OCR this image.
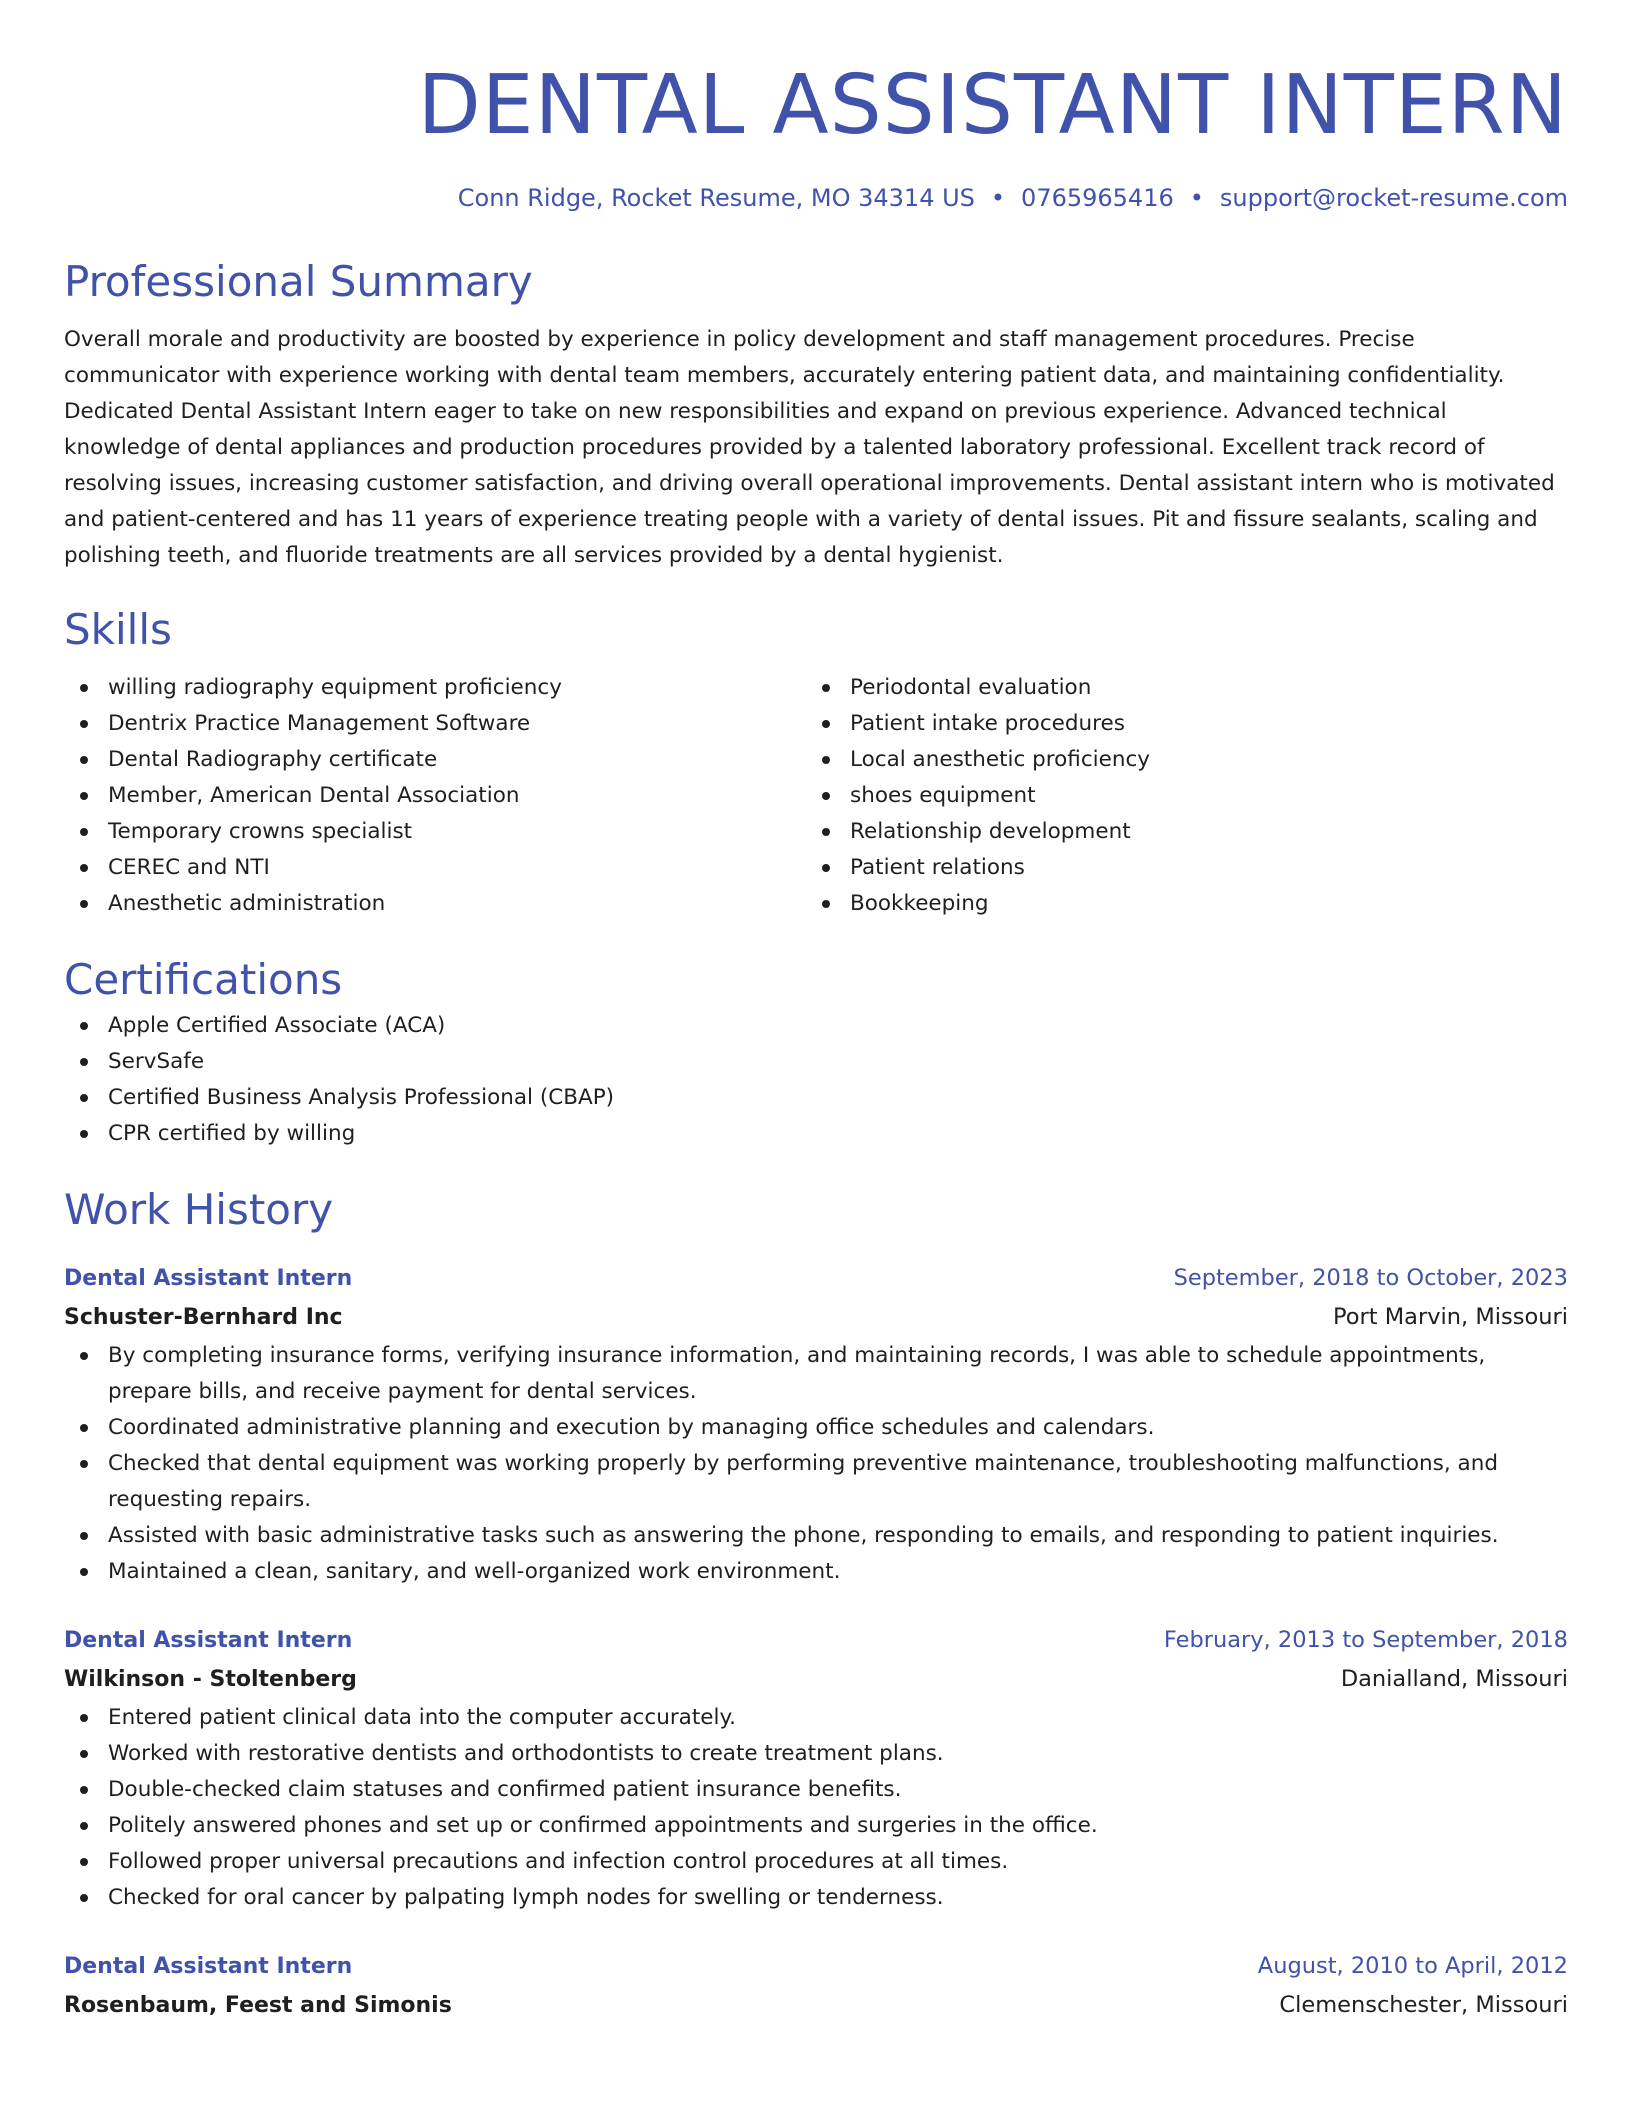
DENTAL ASSISTANT INTERN
Conn Ridge, Rocket Resume, MO 34314 US • 0765965416 • support@rocket-resume.com
Professional Summary

Overall morale and productivity are boosted by experience in policy development and staff management procedures. Precise communicator with experience working with dental team members, accurately entering patient data, and maintaining confidentiality. Dedicated Dental Assistant Intern eager to take on new responsibilities and expand on previous experience. Advanced technical knowledge of dental appliances and production procedures provided by a talented laboratory professional. Excellent track record of resolving issues, increasing customer satisfaction, and driving overall operational improvements. Dental assistant intern who is motivated and patient-centered and has 11 years of experience treating people with a variety of dental issues. Pit and fissure sealants, scaling and polishing teeth, and fluoride treatments are all services provided by a dental hygienist.

Skills
willing radiography equipment proficiency
Dentrix Practice Management Software
Dental Radiography certificate
Member, American Dental Association
Temporary crowns specialist
CEREC and NTI
Anesthetic administration
Periodontal evaluation
Patient intake procedures
Local anesthetic proficiency
shoes equipment
Relationship development
Patient relations
Bookkeeping
Certifications
Apple Certified Associate (ACA)
ServSafe
Certified Business Analysis Professional (CBAP)
CPR certified by willing
Work History
Dental Assistant Intern	September, 2018 to October, 2023
Schuster-Bernhard Inc	Port Marvin, Missouri
By completing insurance forms, verifying insurance information, and maintaining records, I was able to schedule appointments, prepare bills, and receive payment for dental services.
Coordinated administrative planning and execution by managing office schedules and calendars.
Checked that dental equipment was working properly by performing preventive maintenance, troubleshooting malfunctions, and requesting repairs.
Assisted with basic administrative tasks such as answering the phone, responding to emails, and responding to patient inquiries.
Maintained a clean, sanitary, and well-organized work environment.
Dental Assistant Intern	February, 2013 to September, 2018
Wilkinson - Stoltenberg	Danialland, Missouri
Entered patient clinical data into the computer accurately.
Worked with restorative dentists and orthodontists to create treatment plans.
Double-checked claim statuses and confirmed patient insurance benefits.
Politely answered phones and set up or confirmed appointments and surgeries in the office.
Followed proper universal precautions and infection control procedures at all times.
Checked for oral cancer by palpating lymph nodes for swelling or tenderness.
Dental Assistant Intern	August, 2010 to April, 2012
Rosenbaum, Feest and Simonis	Clemenschester, Missouri
